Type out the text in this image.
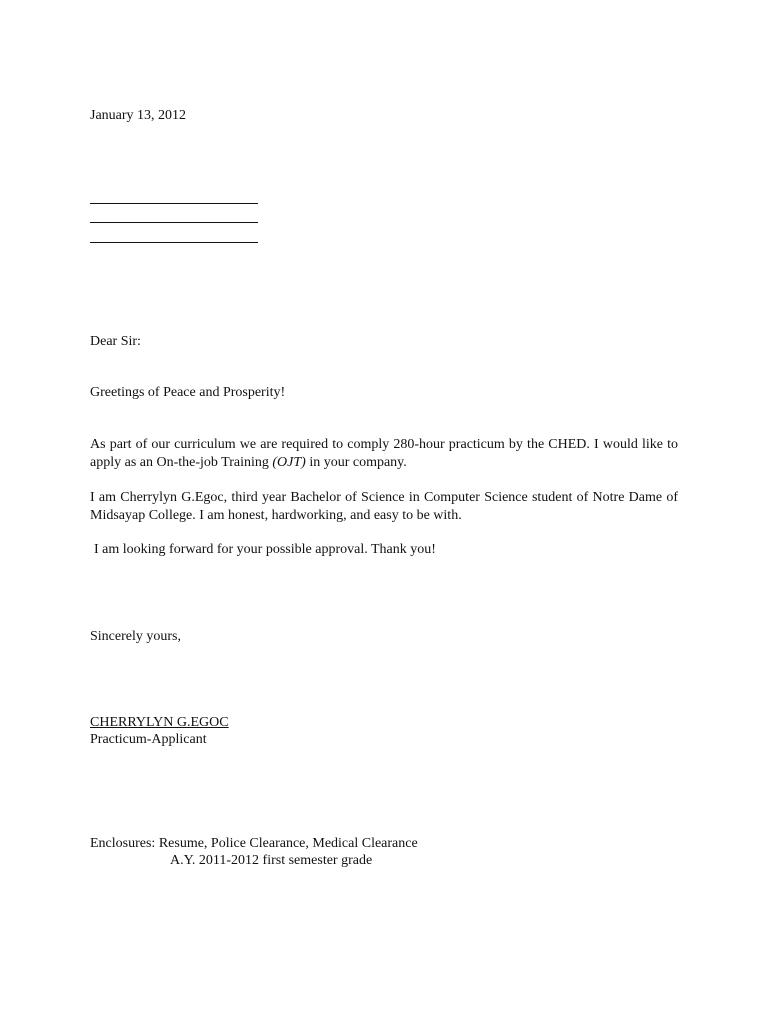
January 13, 2012
Dear Sir:
Greetings of Peace and Prosperity!
As part of our curriculum we are required to comply 280-hour practicum by the CHED. I would like to apply as an On-the-job Training (OJT) in your company.
I am Cherrylyn G.Egoc, third year Bachelor of Science in Computer Science student of Notre Dame of Midsayap College. I am honest, hardworking, and easy to be with.
I am looking forward for your possible approval. Thank you!
Sincerely yours,
CHERRYLYN G.EGOC
Practicum-Applicant
Enclosures: Resume, Police Clearance, Medical Clearance
A.Y. 2011-2012 first semester grade
